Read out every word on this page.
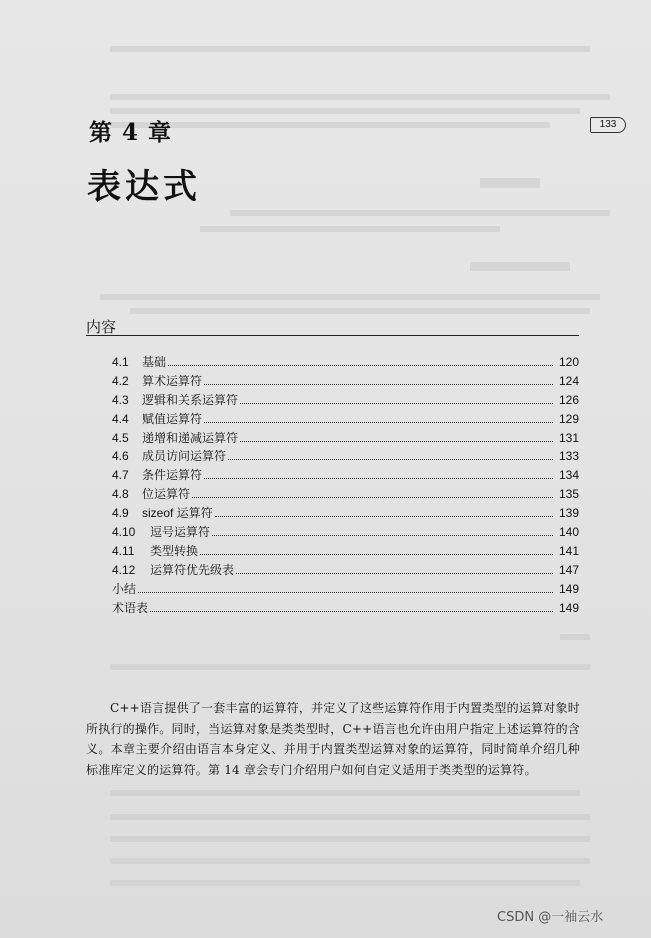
133
第 4 章
表达式
内容
4.1	基础	120
4.2	算术运算符	124
4.3	逻辑和关系运算符	126
4.4	赋值运算符	129
4.5	递增和递减运算符	131
4.6	成员访问运算符	133
4.7	条件运算符	134
4.8	位运算符	135
4.9	sizeof 运算符	139
4.10	逗号运算符	140
4.11	类型转换	141
4.12	运算符优先级表	147
小结	149
术语表	149

C++语言提供了一套丰富的运算符，并定义了这些运算符作用于内置类型的运算对象时所执行的操作。同时，当运算对象是类类型时，C++语言也允许由用户指定上述运算符的含义。本章主要介绍由语言本身定义、并用于内置类型运算对象的运算符，同时简单介绍几种标准库定义的运算符。第 14 章会专门介绍用户如何自定义适用于类类型的运算符。

CSDN @一袖云水
